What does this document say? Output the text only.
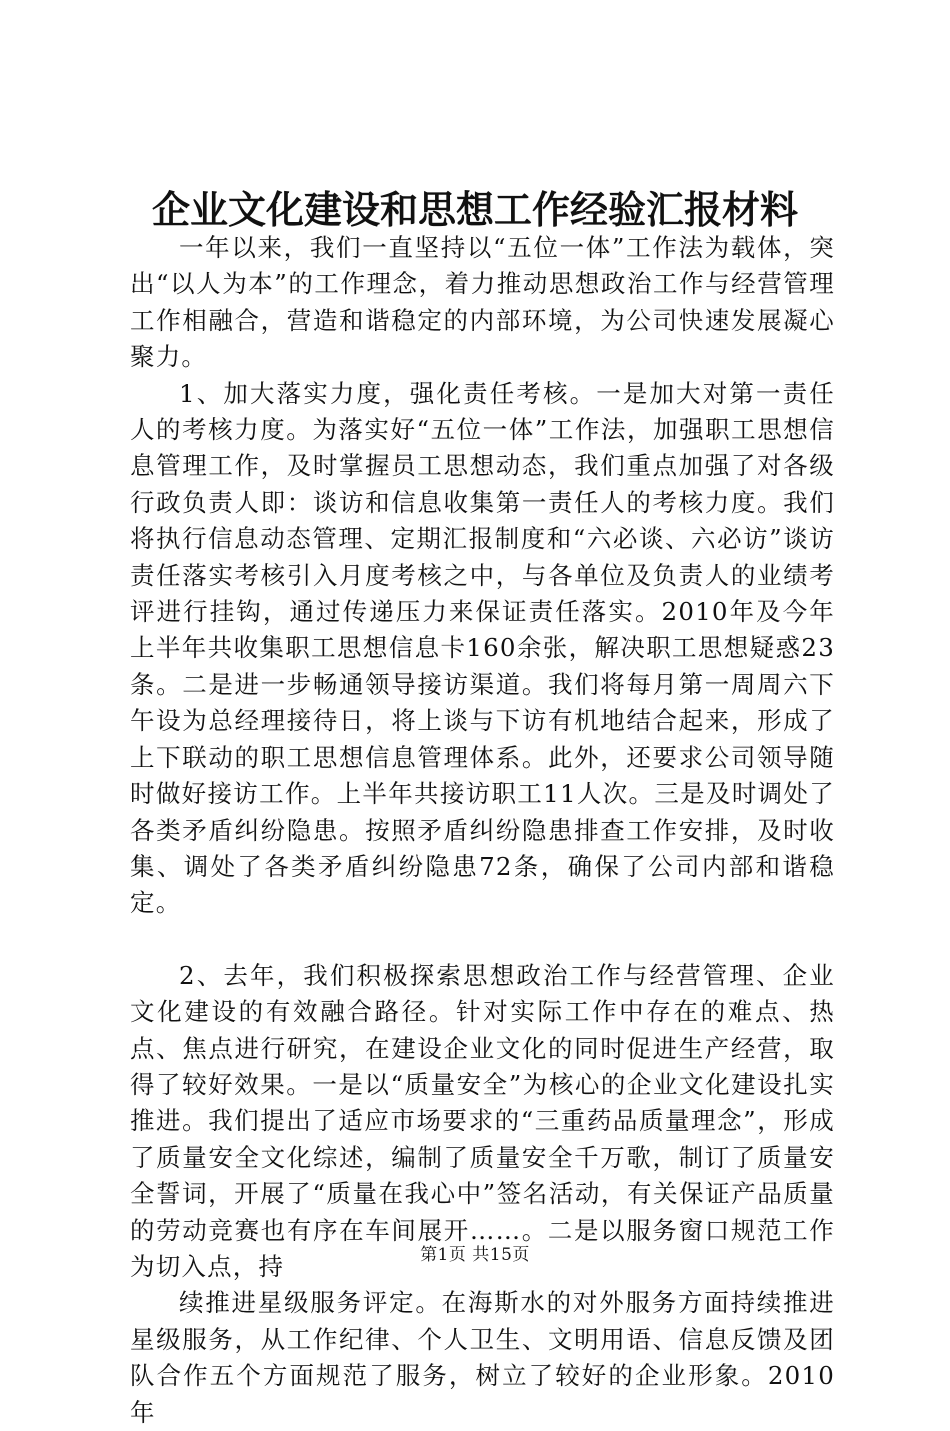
企业文化建设和思想工作经验汇报材料

一年以来，我们一直坚持以“五位一体”工作法为载体，突出“以人为本”的工作理念，着力推动思想政治工作与经营管理工作相融合，营造和谐稳定的内部环境，为公司快速发展凝心聚力。

1、加大落实力度，强化责任考核。一是加大对第一责任人的考核力度。为落实好“五位一体”工作法，加强职工思想信息管理工作，及时掌握员工思想动态，我们重点加强了对各级行政负责人即：谈访和信息收集第一责任人的考核力度。我们将执行信息动态管理、定期汇报制度和“六必谈、六必访”谈访责任落实考核引入月度考核之中，与各单位及负责人的业绩考评进行挂钩，通过传递压力来保证责任落实。2010年及今年上半年共收集职工思想信息卡160余张，解决职工思想疑惑23条。二是进一步畅通领导接访渠道。我们将每月第一周周六下午设为总经理接待日，将上谈与下访有机地结合起来，形成了上下联动的职工思想信息管理体系。此外，还要求公司领导随时做好接访工作。上半年共接访职工11人次。三是及时调处了各类矛盾纠纷隐患。按照矛盾纠纷隐患排查工作安排，及时收集、调处了各类矛盾纠纷隐患72条，确保了公司内部和谐稳定。

2、去年，我们积极探索思想政治工作与经营管理、企业文化建设的有效融合路径。针对实际工作中存在的难点、热点、焦点进行研究，在建设企业文化的同时促进生产经营，取得了较好效果。一是以“质量安全”为核心的企业文化建设扎实推进。我们提出了适应市场要求的“三重药品质量理念”，形成了质量安全文化综述，编制了质量安全千万歌，制订了质量安全誓词，开展了“质量在我心中”签名活动，有关保证产品质量的劳动竞赛也有序在车间展开……。二是以服务窗口规范工作为切入点，持

续推进星级服务评定。在海斯水的对外服务方面持续推进星级服务，从工作纪律、个人卫生、文明用语、信息反馈及团队合作五个方面规范了服务，树立了较好的企业形象。2010年

第1页 共15页
